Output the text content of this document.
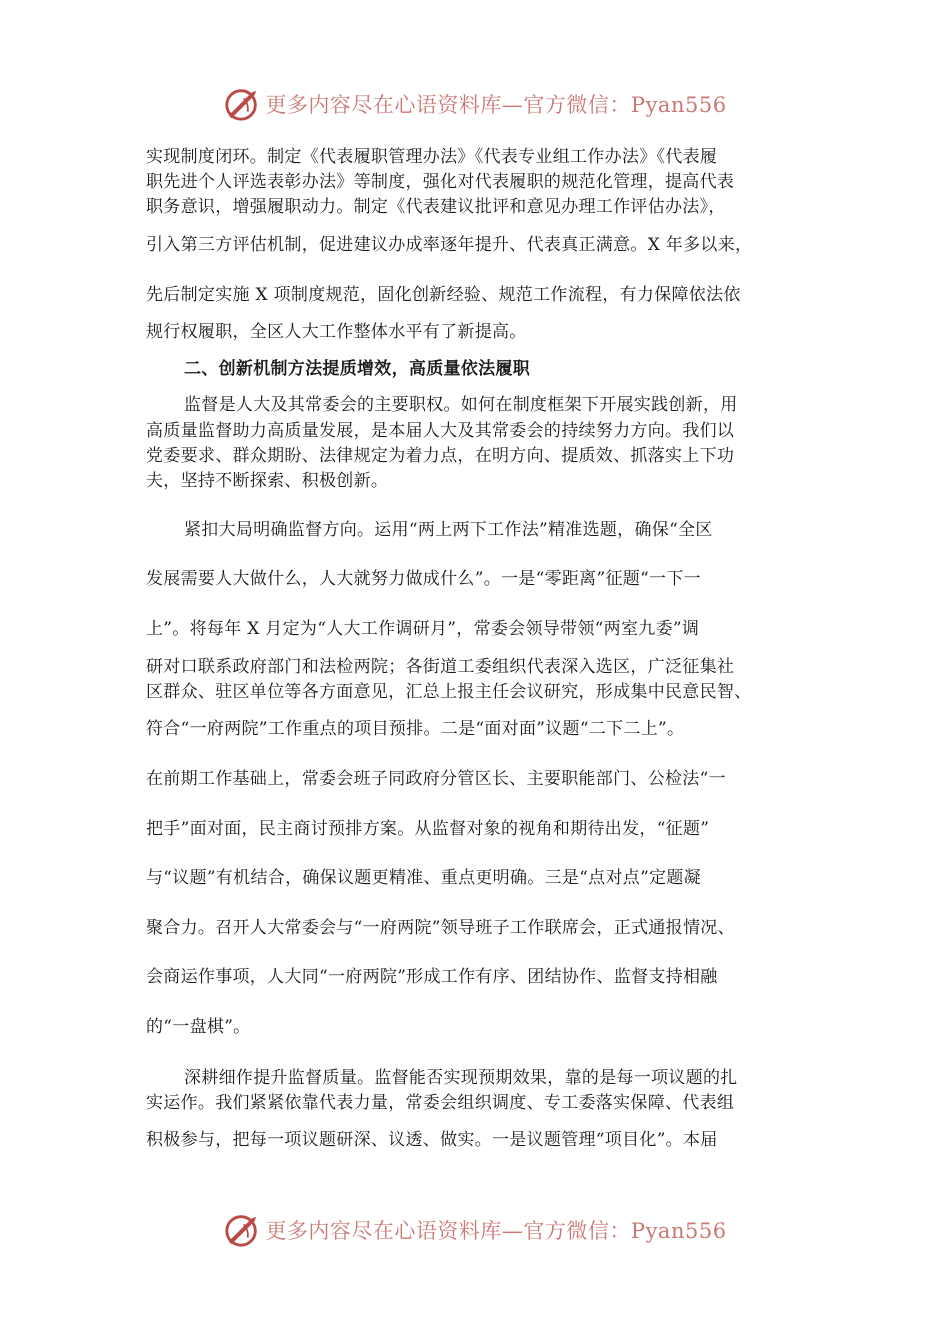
更多内容尽在心语资料库—官方微信：Pyan556
实现制度闭环。制定《代表履职管理办法》《代表专业组工作办法》《代表履
职先进个人评选表彰办法》等制度，强化对代表履职的规范化管理，提高代表
职务意识，增强履职动力。制定《代表建议批评和意见办理工作评估办法》，
引入第三方评估机制，促进建议办成率逐年提升、代表真正满意。X 年多以来，
先后制定实施 X 项制度规范，固化创新经验、规范工作流程，有力保障依法依
规行权履职，全区人大工作整体水平有了新提高。
二、创新机制方法提质增效，高质量依法履职
监督是人大及其常委会的主要职权。如何在制度框架下开展实践创新，用
高质量监督助力高质量发展，是本届人大及其常委会的持续努力方向。我们以
党委要求、群众期盼、法律规定为着力点，在明方向、提质效、抓落实上下功
夫，坚持不断探索、积极创新。
紧扣大局明确监督方向。运用“两上两下工作法”精准选题，确保“全区
发展需要人大做什么，人大就努力做成什么”。一是“零距离”征题“一下一
上”。将每年 X 月定为“人大工作调研月”，常委会领导带领“两室九委”调
研对口联系政府部门和法检两院；各街道工委组织代表深入选区，广泛征集社
区群众、驻区单位等各方面意见，汇总上报主任会议研究，形成集中民意民智、
符合“一府两院”工作重点的项目预排。二是“面对面”议题“二下二上”。
在前期工作基础上，常委会班子同政府分管区长、主要职能部门、公检法“一
把手”面对面，民主商讨预排方案。从监督对象的视角和期待出发，“征题”
与“议题”有机结合，确保议题更精准、重点更明确。三是“点对点”定题凝
聚合力。召开人大常委会与“一府两院”领导班子工作联席会，正式通报情况、
会商运作事项，人大同“一府两院”形成工作有序、团结协作、监督支持相融
的“一盘棋”。
深耕细作提升监督质量。监督能否实现预期效果，靠的是每一项议题的扎
实运作。我们紧紧依靠代表力量，常委会组织调度、专工委落实保障、代表组
积极参与，把每一项议题研深、议透、做实。一是议题管理“项目化”。本届
更多内容尽在心语资料库—官方微信：Pyan556
